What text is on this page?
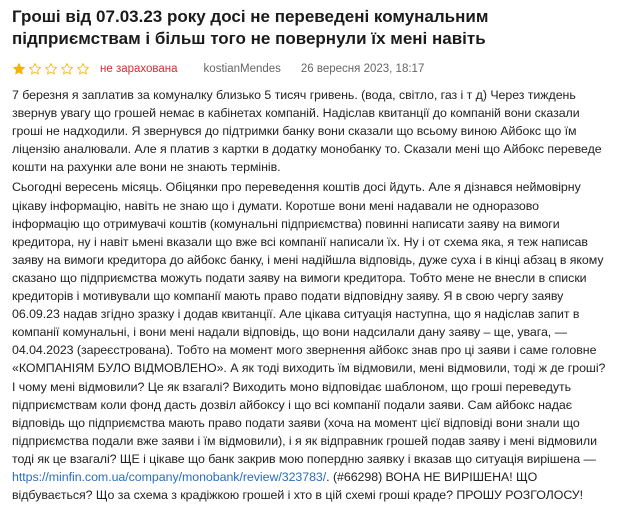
Гроші від 07.03.23 року досі не переведені комунальним підприємствам і більш того не повернули їх мені навіть
не зарахована kostianMendes 26 вересня 2023, 18:17

7 березня я заплатив за комуналку близько 5 тисяч гривень. (вода, світло, газ і т д) Через тиждень звернув увагу що грошей немає в кабінетах компаній. Надіслав квитанції до компаній вони сказали гроші не надходили. Я звернувся до підтримки банку вони сказали що всьому виною Айбокс що їм ліцензію аналювали. Але я платив з картки в додатку монобанку то. Сказали мені що Айбокс переведе кошти на рахунки але вони не знають термінів.

Сьогодні вересень місяць. Обіцянки про переведення коштів досі йдуть. Але я дізнався неймовірну цікаву інформацію, навіть не знаю що і думати. Коротше вони мені надавали не одноразово інформацію що отримувачі коштів (комунальні підприємства) повинні написати заяву на вимоги кредитора, ну і навіт ьмені вказали що вже всі компанії написали їх. Ну і от схема яка, я теж написав заяву на вимоги кредитора до айбокс банку, і мені надійшла відповідь, дуже суха і в кінці абзац в якому сказано що підприємства можуть подати заяву на вимоги кредитора. Тобто мене не внесли в списки кредиторів і мотивували що компанії мають право подати відповідну заяву. Я в свою чергу заяву 06.09.23 надав згідно зразку і додав квитанції. Але цікава ситуація наступна, що я надіслав запит в компанії комунальні, і вони мені надали відповідь, що вони надсилали дану заяву – ще, увага, — 04.04.2023 (зареєстрована). Тобто на момент мого звернення айбокс знав про ці заяви і саме головне «КОМПАНІЯМ БУЛО ВІДМОВЛЕНО». А як тоді виходить їм відмовили, мені відмовили, тоді ж де гроші? І чому мені відмовили? Це як взагалі? Виходить моно відповідає шаблоном, що гроші переведуть підприємствам коли фонд дасть дозвіл айбоксу і що всі компанії подали заяви. Сам айбокс надає відповідь що підприємства мають право подати заяви (хоча на момент цієї відповіді вони знали що підприємства подали вже заяви і їм відмовили), і я як відправник грошей подав заяву і мені відмовили тоді як це взагалі? ЩЕ і цікаве що банк закрив мою попердню заявку і вказав що ситуація вирішена — https://minfin.com.ua/company/monobank/review/323783/. (#66298) ВОНА НЕ ВИРІШЕНА! ЩО відбувається? Що за схема з крадіжкою грошей і хто в цій схемі гроші краде? ПРОШУ РОЗГОЛОСУ!
